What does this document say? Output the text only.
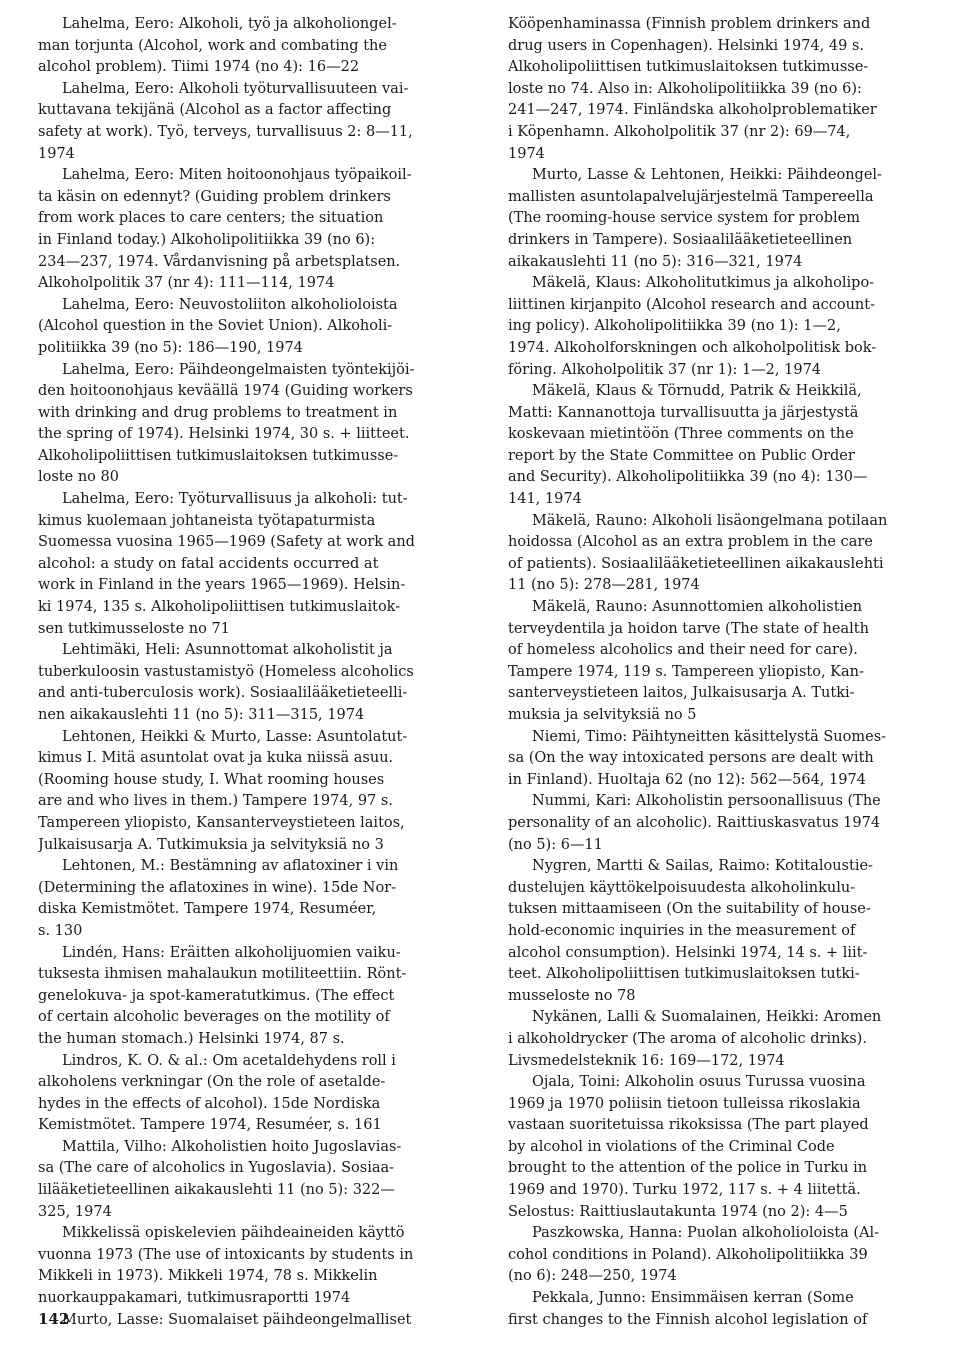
Lahelma, Eero: Alkoholi, työ ja alkoholiongel-
man torjunta (Alcohol, work and combating the
alcohol problem). Tiimi 1974 (no 4): 16—22
Lahelma, Eero: Alkoholi työturvallisuuteen vai-
kuttavana tekijänä (Alcohol as a factor affecting
safety at work). Työ, terveys, turvallisuus 2: 8—11,
1974
Lahelma, Eero: Miten hoitoonohjaus työpaikoil-
ta käsin on edennyt? (Guiding problem drinkers
from work places to care centers; the situation
in Finland today.) Alkoholipolitiikka 39 (no 6):
234—237, 1974. Vårdanvisning på arbetsplatsen.
Alkoholpolitik 37 (nr 4): 111—114, 1974
Lahelma, Eero: Neuvostoliiton alkoholioloista
(Alcohol question in the Soviet Union). Alkoholi-
politiikka 39 (no 5): 186—190, 1974
Lahelma, Eero: Päihdeongelmaisten työntekijöi-
den hoitoonohjaus keväällä 1974 (Guiding workers
with drinking and drug problems to treatment in
the spring of 1974). Helsinki 1974, 30 s. + liitteet.
Alkoholipoliittisen tutkimuslaitoksen tutkimusse-
loste no 80
Lahelma, Eero: Työturvallisuus ja alkoholi: tut-
kimus kuolemaan johtaneista työtapaturmista
Suomessa vuosina 1965—1969 (Safety at work and
alcohol: a study on fatal accidents occurred at
work in Finland in the years 1965—1969). Helsin-
ki 1974, 135 s. Alkoholipoliittisen tutkimuslaitok-
sen tutkimusseloste no 71
Lehtimäki, Heli: Asunnottomat alkoholistit ja
tuberkuloosin vastustamistyö (Homeless alcoholics
and anti-tuberculosis work). Sosiaalilääketieteelli-
nen aikakauslehti 11 (no 5): 311—315, 1974
Lehtonen, Heikki & Murto, Lasse: Asuntolatut-
kimus I. Mitä asuntolat ovat ja kuka niissä asuu.
(Rooming house study, I. What rooming houses
are and who lives in them.) Tampere 1974, 97 s.
Tampereen yliopisto, Kansanterveystieteen laitos,
Julkaisusarja A. Tutkimuksia ja selvityksiä no 3
Lehtonen, M.: Bestämning av aflatoxiner i vin
(Determining the aflatoxines in wine). 15de Nor-
diska Kemistmötet. Tampere 1974, Resuméer,
s. 130
Lindén, Hans: Eräitten alkoholijuomien vaiku-
tuksesta ihmisen mahalaukun motiliteettiin. Rönt-
genelokuva- ja spot-kameratutkimus. (The effect
of certain alcoholic beverages on the motility of
the human stomach.) Helsinki 1974, 87 s.
Lindros, K. O. & al.: Om acetaldehydens roll i
alkoholens verkningar (On the role of asetalde-
hydes in the effects of alcohol). 15de Nordiska
Kemistmötet. Tampere 1974, Resuméer, s. 161
Mattila, Vilho: Alkoholistien hoito Jugoslavias-
sa (The care of alcoholics in Yugoslavia). Sosiaa-
lilääketieteellinen aikakauslehti 11 (no 5): 322—
325, 1974
Mikkelissä opiskelevien päihdeaineiden käyttö
vuonna 1973 (The use of intoxicants by students in
Mikkeli in 1973). Mikkeli 1974, 78 s. Mikkelin
nuorkauppakamari, tutkimusraportti 1974
Murto, Lasse: Suomalaiset päihdeongelmalliset
Kööpenhaminassa (Finnish problem drinkers and
drug users in Copenhagen). Helsinki 1974, 49 s.
Alkoholipoliittisen tutkimuslaitoksen tutkimusse-
loste no 74. Also in: Alkoholipolitiikka 39 (no 6):
241—247, 1974. Finländska alkoholproblematiker
i Köpenhamn. Alkoholpolitik 37 (nr 2): 69—74,
1974
Murto, Lasse & Lehtonen, Heikki: Päihdeongel-
mallisten asuntolapalvelujärjestelmä Tampereella
(The rooming-house service system for problem
drinkers in Tampere). Sosiaalilääketieteellinen
aikakauslehti 11 (no 5): 316—321, 1974
Mäkelä, Klaus: Alkoholitutkimus ja alkoholipo-
liittinen kirjanpito (Alcohol research and account-
ing policy). Alkoholipolitiikka 39 (no 1): 1—2,
1974. Alkoholforskningen och alkoholpolitisk bok-
föring. Alkoholpolitik 37 (nr 1): 1—2, 1974
Mäkelä, Klaus & Törnudd, Patrik & Heikkilä,
Matti: Kannanottoja turvallisuutta ja järjestystä
koskevaan mietintöön (Three comments on the
report by the State Committee on Public Order
and Security). Alkoholipolitiikka 39 (no 4): 130—
141, 1974
Mäkelä, Rauno: Alkoholi lisäongelmana potilaan
hoidossa (Alcohol as an extra problem in the care
of patients). Sosiaalilääketieteellinen aikakauslehti
11 (no 5): 278—281, 1974
Mäkelä, Rauno: Asunnottomien alkoholistien
terveydentila ja hoidon tarve (The state of health
of homeless alcoholics and their need for care).
Tampere 1974, 119 s. Tampereen yliopisto, Kan-
santerveystieteen laitos, Julkaisusarja A. Tutki-
muksia ja selvityksiä no 5
Niemi, Timo: Päihtyneitten käsittelystä Suomes-
sa (On the way intoxicated persons are dealt with
in Finland). Huoltaja 62 (no 12): 562—564, 1974
Nummi, Kari: Alkoholistin persoonallisuus (The
personality of an alcoholic). Raittiuskasvatus 1974
(no 5): 6—11
Nygren, Martti & Sailas, Raimo: Kotitaloustie-
dustelujen käyttökelpoisuudesta alkoholinkulu-
tuksen mittaamiseen (On the suitability of house-
hold-economic inquiries in the measurement of
alcohol consumption). Helsinki 1974, 14 s. + liit-
teet. Alkoholipoliittisen tutkimuslaitoksen tutki-
musseloste no 78
Nykänen, Lalli & Suomalainen, Heikki: Aromen
i alkoholdrycker (The aroma of alcoholic drinks).
Livsmedelsteknik 16: 169—172, 1974
Ojala, Toini: Alkoholin osuus Turussa vuosina
1969 ja 1970 poliisin tietoon tulleissa rikoslakia
vastaan suoritetuissa rikoksissa (The part played
by alcohol in violations of the Criminal Code
brought to the attention of the police in Turku in
1969 and 1970). Turku 1972, 117 s. + 4 liitettä.
Selostus: Raittiuslautakunta 1974 (no 2): 4—5
Paszkowska, Hanna: Puolan alkoholioloista (Al-
cohol conditions in Poland). Alkoholipolitiikka 39
(no 6): 248—250, 1974
Pekkala, Junno: Ensimmäisen kerran (Some
first changes to the Finnish alcohol legislation of
142
